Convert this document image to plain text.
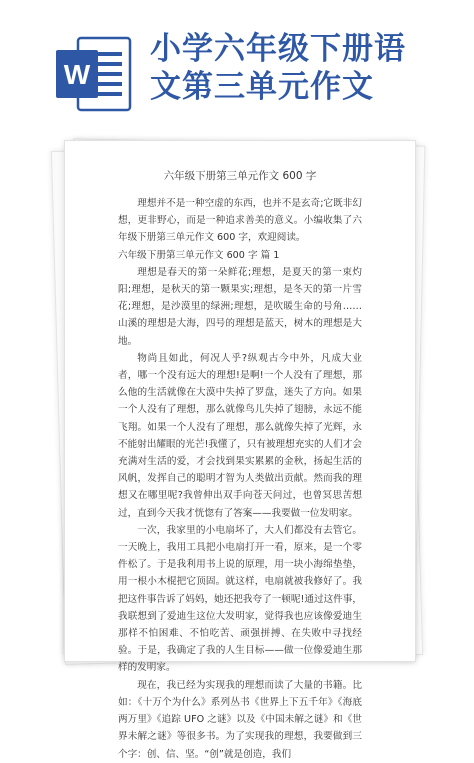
W
小学六年级下册语
文第三单元作文
六年级下册第三单元作文 600 字

理想并不是一种空虚的东西，也并不是玄奇;它既非幻想，更非野心，而是一种追求善美的意义。小编收集了六年级下册第三单元作文 600 字，欢迎阅读。

六年级下册第三单元作文 600 字 篇 1

理想是春天的第一朵鲜花;理想，是夏天的第一束灼阳;理想，是秋天的第一颗果实;理想，是冬天的第一片雪花;理想，是沙漠里的绿洲;理想，是吹暖生命的号角……山溪的理想是大海，四号的理想是蓝天，树木的理想是大地。

物尚且如此，何况人乎?纵观古今中外，凡成大业者，哪一个没有远大的理想!是啊!一个人没有了理想，那么他的生活就像在大漠中失掉了罗盘，迷失了方向。如果一个人没有了理想，那么就像鸟儿失掉了翅膀，永远不能飞翔。如果一个人没有了理想，那么就像失掉了光辉，永不能射出耀眼的光芒!我懂了，只有被理想充实的人们才会充满对生活的爱，才会找到果实累累的金秋，扬起生活的风帆，发挥自己的聪明才智为人类做出贡献。然而我的理想又在哪里呢?我曾伸出双手向苍天问过，也曾冥思苦想过，直到今天我才恍惚有了答案——我要做一位发明家。

一次，我家里的小电扇坏了，大人们都没有去管它。一天晚上，我用工具把小电扇打开一看，原来，是一个零件松了。于是我利用书上说的原理，用一块小海绵垫垫，用一根小木棍把它顶固。就这样，电扇就被我修好了。我把这件事告诉了妈妈，她还把我夸了一顿呢!通过这件事，我联想到了爱迪生这位大发明家，觉得我也应该像爱迪生那样不怕困难、不怕吃苦、顽强拼搏、在失败中寻找经验。于是，我确定了我的人生目标——做一位像爱迪生那样的发明家。

现在，我已经为实现我的理想而读了大量的书籍。比如：《十万个为什么》系列丛书《世界上下五千年》《海底两万里》《追踪 UFO 之谜》以及《中国未解之谜》和《世界未解之谜》等很多书。为了实现我的理想，我要做到三个字：创、信、坚。“创”就是创造，我们
